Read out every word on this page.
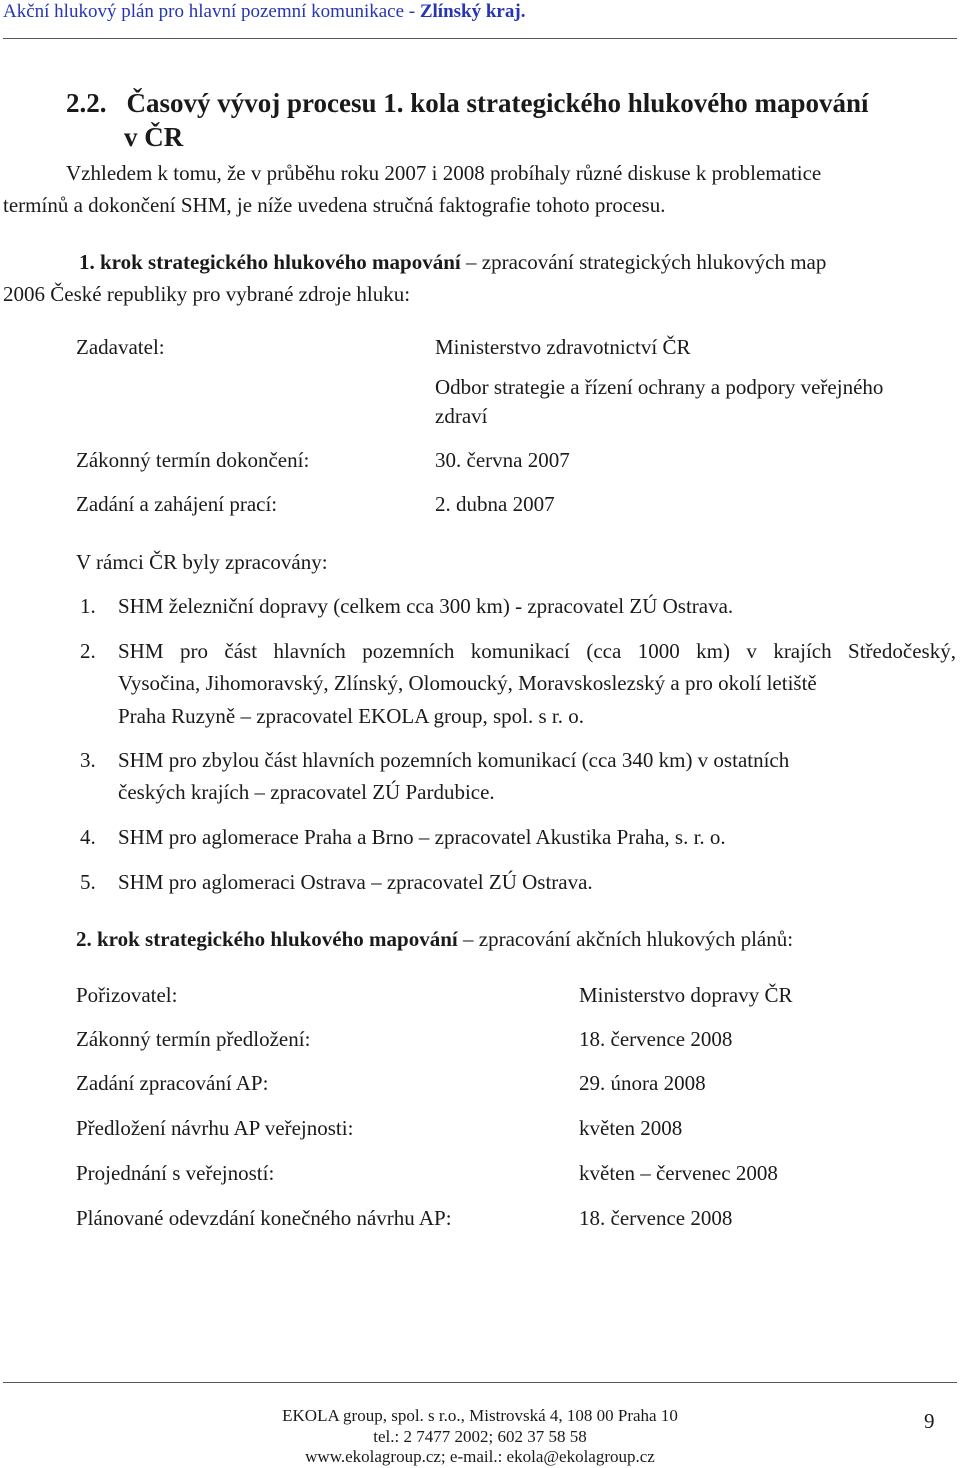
Akční hlukový plán pro hlavní pozemní komunikace - Zlínský kraj.
2.2. Časový vývoj procesu 1. kola strategického hlukového mapování
v ČR
Vzhledem k tomu, že v průběhu roku 2007 i 2008 probíhaly různé diskuse k problematice
termínů a dokončení SHM, je níže uvedena stručná faktografie tohoto procesu.
1. krok strategického hlukového mapování – zpracování strategických hlukových map
2006 České republiky pro vybrané zdroje hluku:
Zadavatel:	Ministerstvo zdravotnictví ČR
Odbor strategie a řízení ochrany a podpory veřejného
zdraví
Zákonný termín dokončení:	30. června 2007
Zadání a zahájení prací:	2. dubna 2007
V rámci ČR byly zpracovány:
1. SHM železniční dopravy (celkem cca 300 km) - zpracovatel ZÚ Ostrava.
2. SHM pro část hlavních pozemních komunikací (cca 1000 km) v krajích Středočeský,
Vysočina, Jihomoravský, Zlínský, Olomoucký, Moravskoslezský a pro okolí letiště
Praha Ruzyně – zpracovatel EKOLA group, spol. s r. o.
3. SHM pro zbylou část hlavních pozemních komunikací (cca 340 km) v ostatních
českých krajích – zpracovatel ZÚ Pardubice.
4. SHM pro aglomerace Praha a Brno – zpracovatel Akustika Praha, s. r. o.
5. SHM pro aglomeraci Ostrava – zpracovatel ZÚ Ostrava.
2. krok strategického hlukového mapování – zpracování akčních hlukových plánů:
Pořizovatel:	Ministerstvo dopravy ČR
Zákonný termín předložení:	18. července 2008
Zadání zpracování AP:	29. února 2008
Předložení návrhu AP veřejnosti:	květen 2008
Projednání s veřejností:	květen – červenec 2008
Plánované odevzdání konečného návrhu AP:	18. července 2008
EKOLA group, spol. s r.o., Mistrovská 4, 108 00 Praha 10
tel.: 2 7477 2002; 602 37 58 58
www.ekolagroup.cz; e-mail.: ekola@ekolagroup.cz
9
